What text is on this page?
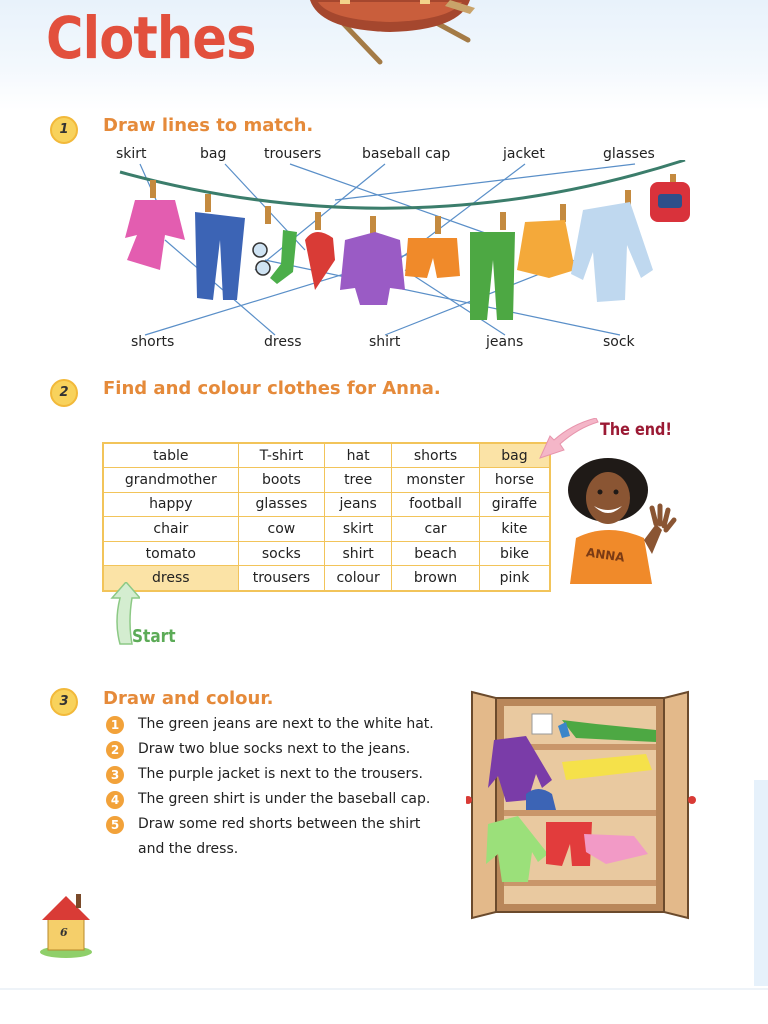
Clothes
1	Draw lines to match.
skirt	bag	trousers	baseball cap	jacket	glasses
shorts	dress	shirt	jeans	sock
2	Find and colour clothes for Anna.
table	T-shirt	hat	shorts	bag
grandmother	boots	tree	monster	horse
happy	glasses	jeans	football	giraffe
chair	cow	skirt	car	kite
tomato	socks	shirt	beach	bike
dress	trousers	colour	brown	pink
The end!
Start
ANNA
3	Draw and colour.
1	The green jeans are next to the white hat.
2	Draw two blue socks next to the jeans.
3	The purple jacket is next to the trousers.
4	The green shirt is under the baseball cap.
5	Draw some red shorts between the shirt
and the dress.
6
